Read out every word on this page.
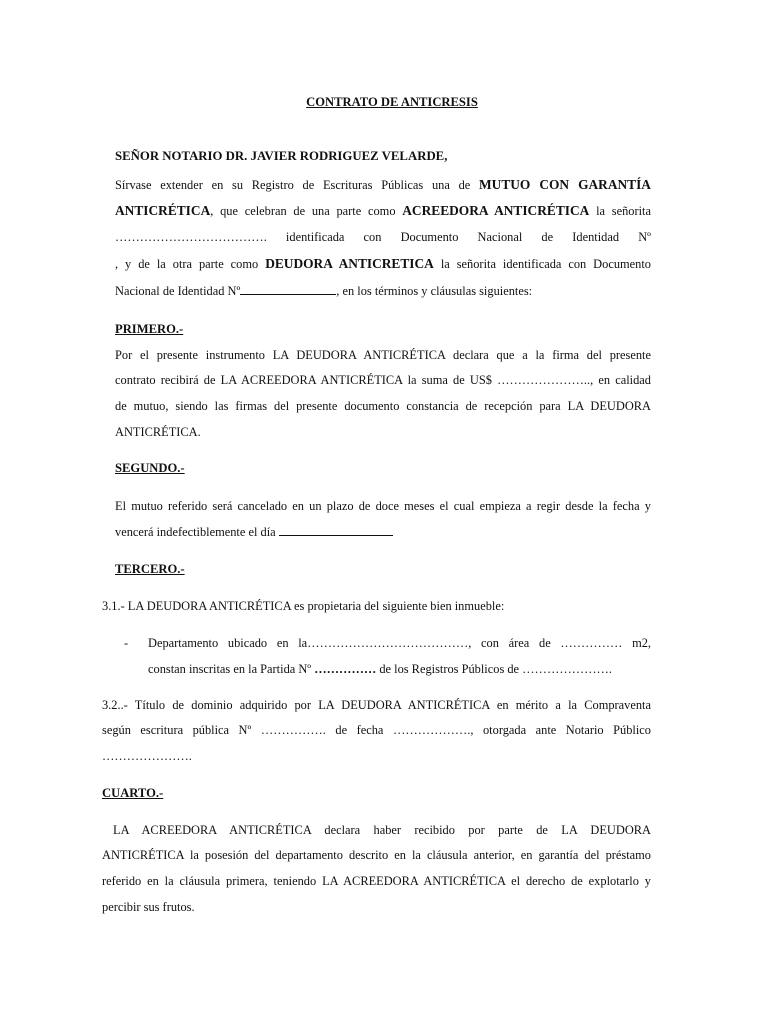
CONTRATO DE ANTICRESIS
SEÑOR NOTARIO DR. JAVIER RODRIGUEZ VELARDE,
Sírvase extender en su Registro de Escrituras Públicas una de MUTUO CON GARANTÍA
ANTICRÉTICA, que celebran de una parte como ACREEDORA ANTICRÉTICA la señorita
………………………………. identificada con Documento Nacional de Identidad Nº
, y de la otra parte como DEUDORA ANTICRETICA la señorita identificada con Documento
Nacional de Identidad Nº	, en los términos y cláusulas siguientes:
PRIMERO.-
Por el presente instrumento LA DEUDORA ANTICRÉTICA declara que a la firma del presente
contrato recibirá de LA ACREEDORA ANTICRÉTICA la suma de US$ ………………….., en calidad
de mutuo, siendo las firmas del presente documento constancia de recepción para LA DEUDORA
ANTICRÉTICA.
SEGUNDO.-
El mutuo referido será cancelado en un plazo de doce meses el cual empieza a regir desde la fecha y
vencerá indefectiblemente el día
TERCERO.-
3.1.- LA DEUDORA ANTICRÉTICA es propietaria del siguiente bien inmueble:
- Departamento ubicado en la…………………………………, con área de …………… m2,
constan inscritas en la Partida Nº …………… de los Registros Públicos de ………………….
3.2..- Título de dominio adquirido por LA DEUDORA ANTICRÉTICA en mérito a la Compraventa
según escritura pública Nº ……………. de fecha ………………., otorgada ante Notario Público
………………….
CUARTO.-
LA ACREEDORA ANTICRÉTICA declara haber recibido por parte de LA DEUDORA
ANTICRÉTICA la posesión del departamento descrito en la cláusula anterior, en garantía del préstamo
referido en la cláusula primera, teniendo LA ACREEDORA ANTICRÉTICA el derecho de explotarlo y
percibir sus frutos.
